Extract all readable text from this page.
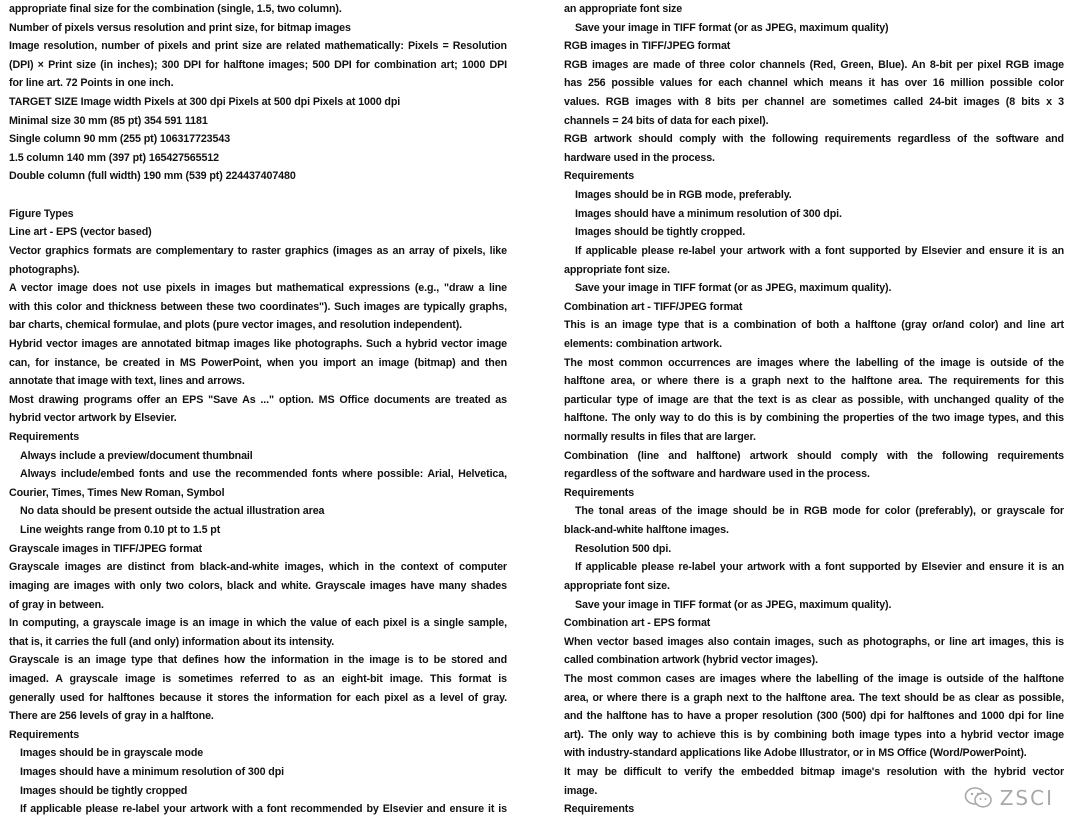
appropriate final size for the combination (single, 1.5, two column).
Number of pixels versus resolution and print size, for bitmap images
Image resolution, number of pixels and print size are related mathematically: Pixels = Resolution
(DPI) × Print size (in inches); 300 DPI for halftone images; 500 DPI for combination art; 1000 DPI
for line art. 72 Points in one inch.
TARGET SIZE Image width Pixels at 300 dpi Pixels at 500 dpi Pixels at 1000 dpi
Minimal size 30 mm (85 pt) 354 591 1181
Single column 90 mm (255 pt) 106317723543
1.5 column 140 mm (397 pt) 165427565512
Double column (full width) 190 mm (539 pt) 224437407480
Figure Types
Line art - EPS (vector based)
Vector graphics formats are complementary to raster graphics (images as an array of pixels, like
photographs).
A vector image does not use pixels in images but mathematical expressions (e.g., "draw a line
with this color and thickness between these two coordinates"). Such images are typically graphs,
bar charts, chemical formulae, and plots (pure vector images, and resolution independent).
Hybrid vector images are annotated bitmap images like photographs. Such a hybrid vector image
can, for instance, be created in MS PowerPoint, when you import an image (bitmap) and then
annotate that image with text, lines and arrows.
Most drawing programs offer an EPS "Save As ..." option. MS Office documents are treated as
hybrid vector artwork by Elsevier.
Requirements
Always include a preview/document thumbnail
Always include/embed fonts and use the recommended fonts where possible: Arial, Helvetica,
Courier, Times, Times New Roman, Symbol
No data should be present outside the actual illustration area
Line weights range from 0.10 pt to 1.5 pt
Grayscale images in TIFF/JPEG format
Grayscale images are distinct from black-and-white images, which in the context of computer
imaging are images with only two colors, black and white. Grayscale images have many shades
of gray in between.
In computing, a grayscale image is an image in which the value of each pixel is a single sample,
that is, it carries the full (and only) information about its intensity.
Grayscale is an image type that defines how the information in the image is to be stored and
imaged. A grayscale image is sometimes referred to as an eight-bit image. This format is
generally used for halftones because it stores the information for each pixel as a level of gray.
There are 256 levels of gray in a halftone.
Requirements
Images should be in grayscale mode
Images should have a minimum resolution of 300 dpi
Images should be tightly cropped
If applicable please re-label your artwork with a font recommended by Elsevier and ensure it is
an appropriate font size
Save your image in TIFF format (or as JPEG, maximum quality)
RGB images in TIFF/JPEG format
RGB images are made of three color channels (Red, Green, Blue). An 8-bit per pixel RGB image
has 256 possible values for each channel which means it has over 16 million possible color
values. RGB images with 8 bits per channel are sometimes called 24-bit images (8 bits x 3
channels = 24 bits of data for each pixel).
RGB artwork should comply with the following requirements regardless of the software and
hardware used in the process.
Requirements
Images should be in RGB mode, preferably.
Images should have a minimum resolution of 300 dpi.
Images should be tightly cropped.
If applicable please re-label your artwork with a font supported by Elsevier and ensure it is an
appropriate font size.
Save your image in TIFF format (or as JPEG, maximum quality).
Combination art - TIFF/JPEG format
This is an image type that is a combination of both a halftone (gray or/and color) and line art
elements: combination artwork.
The most common occurrences are images where the labelling of the image is outside of the
halftone area, or where there is a graph next to the halftone area. The requirements for this
particular type of image are that the text is as clear as possible, with unchanged quality of the
halftone. The only way to do this is by combining the properties of the two image types, and this
normally results in files that are larger.
Combination (line and halftone) artwork should comply with the following requirements
regardless of the software and hardware used in the process.
Requirements
The tonal areas of the image should be in RGB mode for color (preferably), or grayscale for
black-and-white halftone images.
Resolution 500 dpi.
If applicable please re-label your artwork with a font supported by Elsevier and ensure it is an
appropriate font size.
Save your image in TIFF format (or as JPEG, maximum quality).
Combination art - EPS format
When vector based images also contain images, such as photographs, or line art images, this is
called combination artwork (hybrid vector images).
The most common cases are images where the labelling of the image is outside of the halftone
area, or where there is a graph next to the halftone area. The text should be as clear as possible,
and the halftone has to have a proper resolution (300 (500) dpi for halftones and 1000 dpi for line
art). The only way to achieve this is by combining both image types into a hybrid vector image
with industry-standard applications like Adobe Illustrator, or in MS Office (Word/PowerPoint).
It may be difficult to verify the embedded bitmap image's resolution with the hybrid vector
image.
Requirements	ZSCI
